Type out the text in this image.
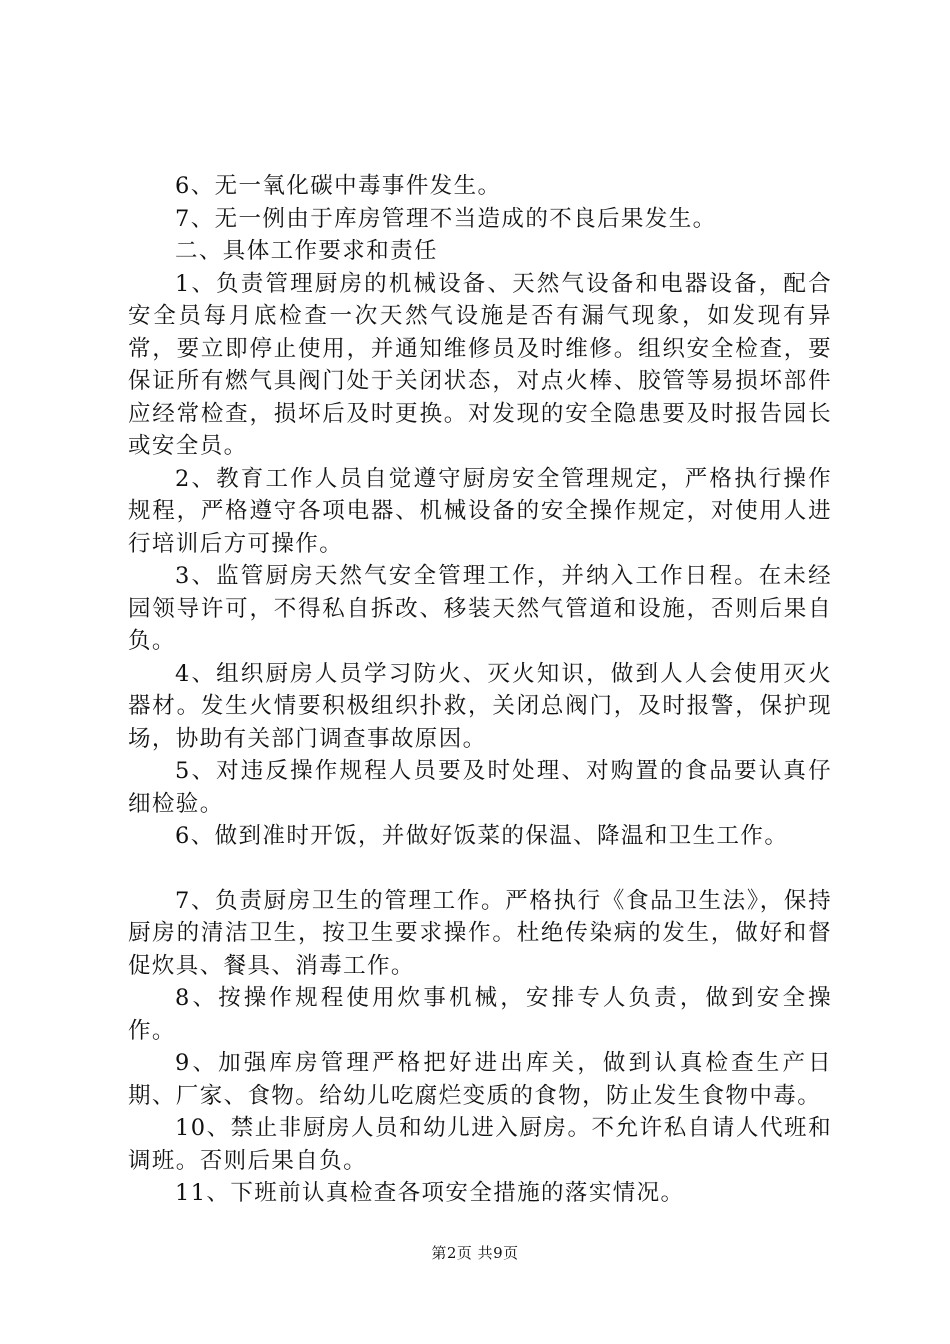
6、无一氧化碳中毒事件发生。

7、无一例由于库房管理不当造成的不良后果发生。

二、具体工作要求和责任

1、负责管理厨房的机械设备、天然气设备和电器设备，配合安全员每月底检查一次天然气设施是否有漏气现象，如发现有异常，要立即停止使用，并通知维修员及时维修。组织安全检查，要保证所有燃气具阀门处于关闭状态，对点火棒、胶管等易损坏部件应经常检查，损坏后及时更换。对发现的安全隐患要及时报告园长或安全员。

2、教育工作人员自觉遵守厨房安全管理规定，严格执行操作规程，严格遵守各项电器、机械设备的安全操作规定，对使用人进行培训后方可操作。

3、监管厨房天然气安全管理工作，并纳入工作日程。在未经园领导许可，不得私自拆改、移装天然气管道和设施，否则后果自负。

4、组织厨房人员学习防火、灭火知识，做到人人会使用灭火器材。发生火情要积极组织扑救，关闭总阀门，及时报警，保护现场，协助有关部门调查事故原因。

5、对违反操作规程人员要及时处理、对购置的食品要认真仔细检验。

6、做到准时开饭，并做好饭菜的保温、降温和卫生工作。

7、负责厨房卫生的管理工作。严格执行《食品卫生法》，保持厨房的清洁卫生，按卫生要求操作。杜绝传染病的发生，做好和督促炊具、餐具、消毒工作。

8、按操作规程使用炊事机械，安排专人负责，做到安全操作。

9、加强库房管理严格把好进出库关，做到认真检查生产日期、厂家、食物。给幼儿吃腐烂变质的食物，防止发生食物中毒。

10、禁止非厨房人员和幼儿进入厨房。不允许私自请人代班和调班。否则后果自负。

11、下班前认真检查各项安全措施的落实情况。

第2页 共9页
